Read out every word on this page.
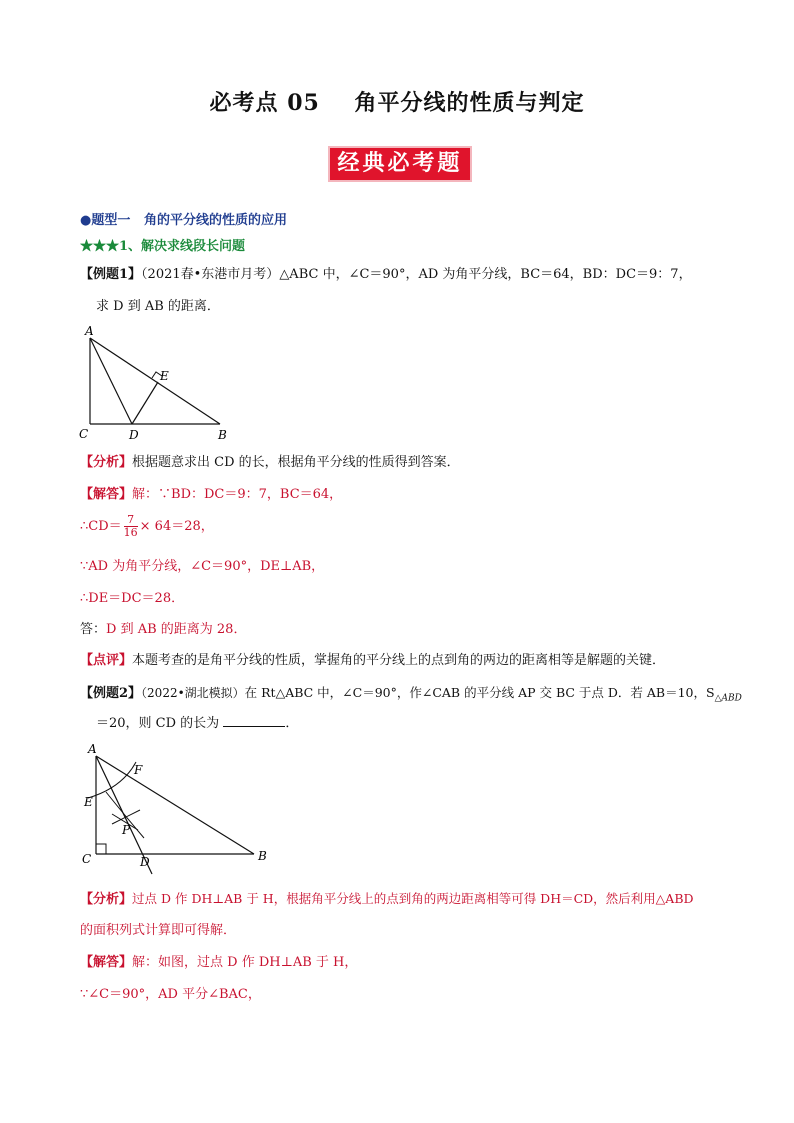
必考点 05 角平分线的性质与判定
经典必考题
●题型一 角的平分线的性质的应用
★★★1、解决求线段长问题
【例题1】（2021春•东港市月考）△ABC 中，∠C＝90°，AD 为角平分线，BC＝64，BD：DC＝9：7，
求 D 到 AB 的距离．
A
E
C	D	B
【分析】根据题意求出 CD 的长，根据角平分线的性质得到答案．
【解答】解：∵BD：DC＝9：7，BC＝64，
∴CD＝ $\frac{7}{16} \times 64=28$，
∵AD 为角平分线，∠C＝90°，DE⊥AB，
∴DE＝DC＝28．
答：D 到 AB 的距离为 28．
【点评】本题考查的是角平分线的性质，掌握角的平分线上的点到角的两边的距离相等是解题的关键．
【例题2】（2022•湖北模拟）在 Rt△ABC 中，∠C＝90°，作∠CAB 的平分线 AP 交 BC 于点 D．若 AB＝10，$S_{\triangle ABD}$
＝20，则 CD 的长为	．
A
F
E
P
C	D	B
【分析】过点 D 作 DH⊥AB 于 H，根据角平分线上的点到角的两边距离相等可得 DH＝CD，然后利用△ABD
的面积列式计算即可得解．
【解答】解：如图，过点 D 作 DH⊥AB 于 H，
∵∠C＝90°，AD 平分∠BAC，
